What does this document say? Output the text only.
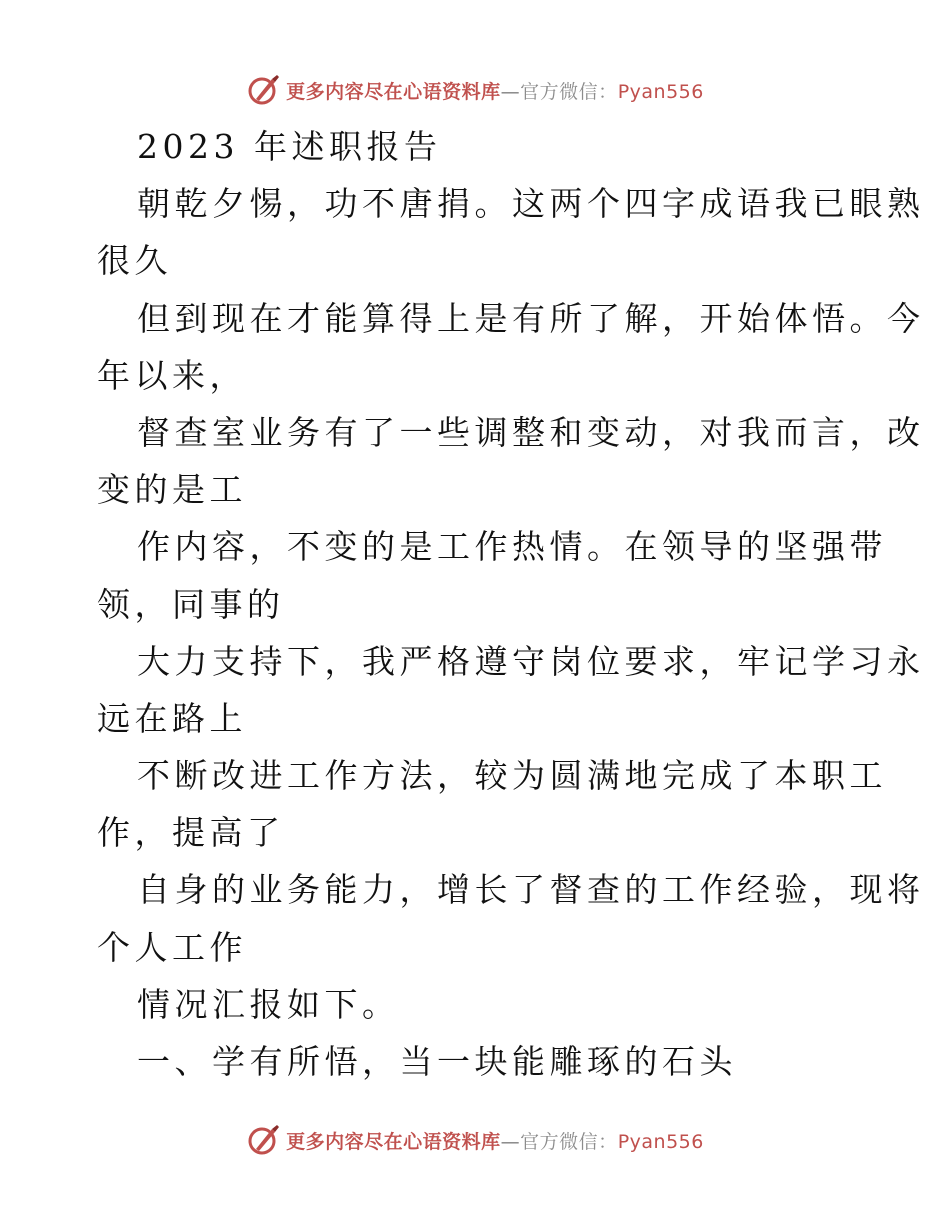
更多内容尽在心语资料库—官方微信：Pyan556
2023 年述职报告
朝乾夕惕，功不唐捐。这两个四字成语我已眼熟
很久
但到现在才能算得上是有所了解，开始体悟。今
年以来，
督查室业务有了一些调整和变动，对我而言，改
变的是工
作内容，不变的是工作热情。在领导的坚强带
领，同事的
大力支持下，我严格遵守岗位要求，牢记学习永
远在路上
不断改进工作方法，较为圆满地完成了本职工
作，提高了
自身的业务能力，增长了督查的工作经验，现将
个人工作
情况汇报如下。
一、学有所悟，当一块能雕琢的石头
更多内容尽在心语资料库—官方微信：Pyan556
